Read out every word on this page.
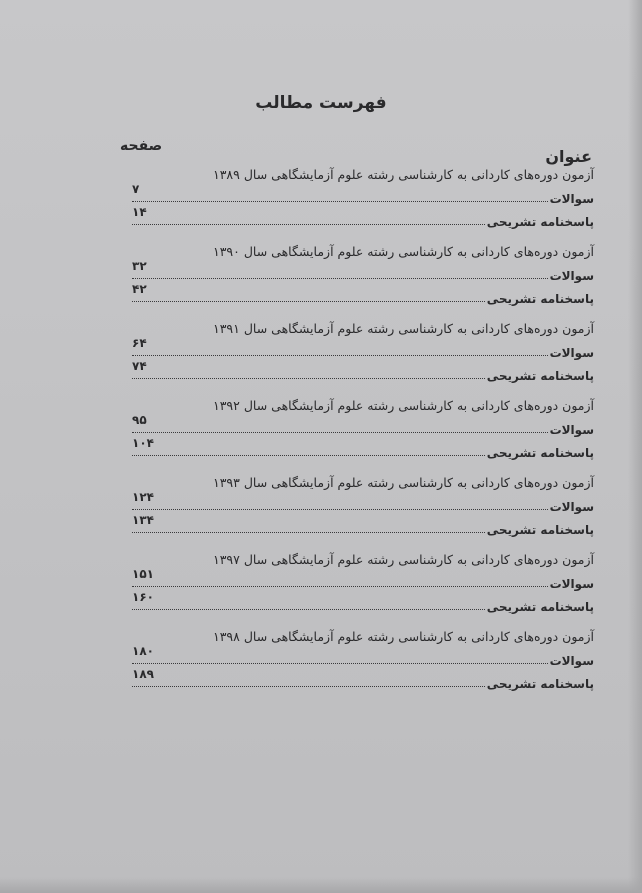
فهرست مطالب
عنوان
صفحه
آزمون دوره‌های کاردانی به کارشناسی رشته علوم آزمایشگاهی سال ۱۳۸۹
سوالات
۷
پاسخنامه تشریحی
۱۴
آزمون دوره‌های کاردانی به کارشناسی رشته علوم آزمایشگاهی سال ۱۳۹۰
سوالات
۳۲
پاسخنامه تشریحی
۴۲
آزمون دوره‌های کاردانی به کارشناسی رشته علوم آزمایشگاهی سال ۱۳۹۱
سوالات
۶۴
پاسخنامه تشریحی
۷۴
آزمون دوره‌های کاردانی به کارشناسی رشته علوم آزمایشگاهی سال ۱۳۹۲
سوالات
۹۵
پاسخنامه تشریحی
۱۰۴
آزمون دوره‌های کاردانی به کارشناسی رشته علوم آزمایشگاهی سال ۱۳۹۳
سوالات
۱۲۴
پاسخنامه تشریحی
۱۳۴
آزمون دوره‌های کاردانی به کارشناسی رشته علوم آزمایشگاهی سال ۱۳۹۷
سوالات
۱۵۱
پاسخنامه تشریحی
۱۶۰
آزمون دوره‌های کاردانی به کارشناسی رشته علوم آزمایشگاهی سال ۱۳۹۸
سوالات
۱۸۰
پاسخنامه تشریحی
۱۸۹
